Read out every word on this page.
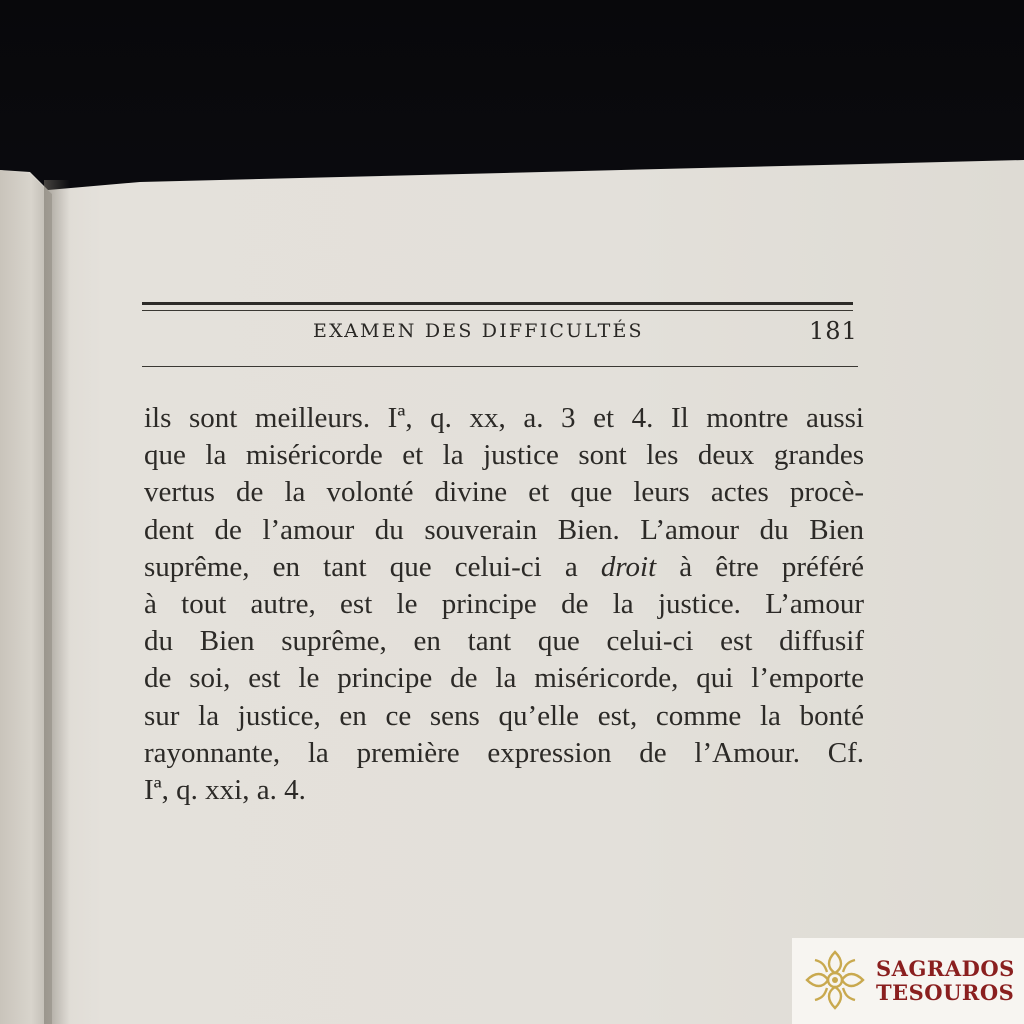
EXAMEN DES DIFFICULTÉS	181
ils sont meilleurs. Iª, q. xx, a. 3 et 4. Il montre aussi
que la miséricorde et la justice sont les deux grandes
vertus de la volonté divine et que leurs actes procè-
dent de l’amour du souverain Bien. L’amour du Bien
suprême, en tant que celui-ci a droit à être préféré
à tout autre, est le principe de la justice. L’amour
du Bien suprême, en tant que celui-ci est diffusif
de soi, est le principe de la miséricorde, qui l’emporte
sur la justice, en ce sens qu’elle est, comme la bonté
rayonnante, la première expression de l’Amour. Cf.
Iª, q. xxi, a. 4.
SAGRADOS
TESOUROS
